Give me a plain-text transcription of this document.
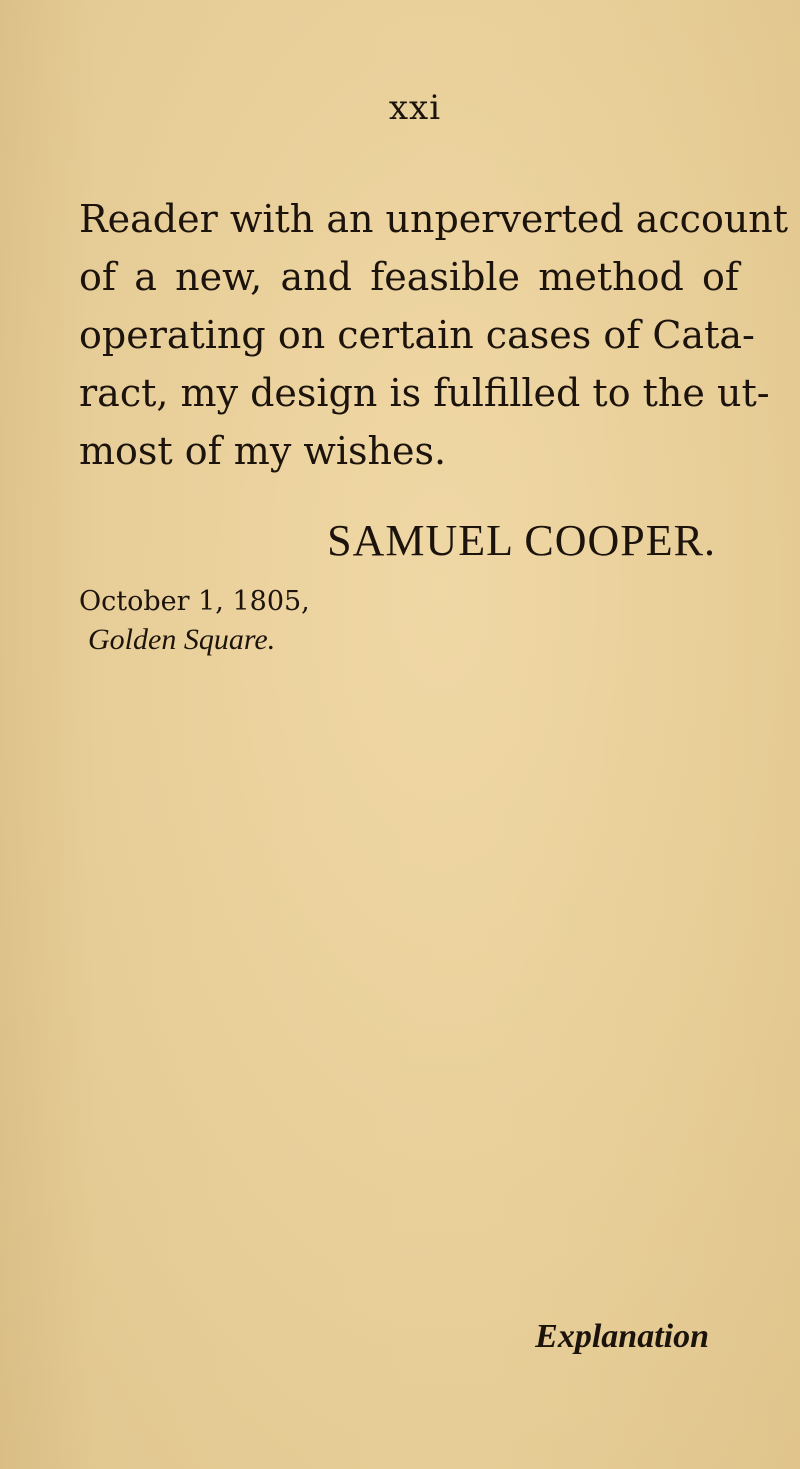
xxi
Reader with an unperverted account
of a new, and feasible method of
operating on certain cases of Cata-
ract, my design is fulfilled to the ut-
most of my wishes.
SAMUEL COOPER.
October 1, 1805,
Golden Square.
Explanation
